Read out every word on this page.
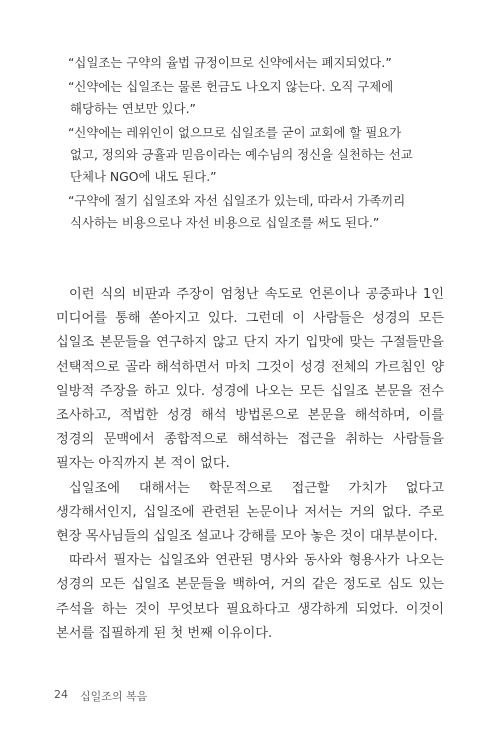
“십일조는 구약의 율법 규정이므로 신약에서는 폐지되었다.”

“신약에는 십일조는 물론 헌금도 나오지 않는다. 오직 구제에 해당하는 연보만 있다.”

“신약에는 레위인이 없으므로 십일조를 굳이 교회에 할 필요가 없고, 정의와 긍휼과 믿음이라는 예수님의 정신을 실천하는 선교 단체나 NGO에 내도 된다.”

“구약에 절기 십일조와 자선 십일조가 있는데, 따라서 가족끼리 식사하는 비용으로나 자선 비용으로 십일조를 써도 된다.”

이런 식의 비판과 주장이 엄청난 속도로 언론이나 공중파나 1인 미디어를 통해 쏟아지고 있다. 그런데 이 사람들은 성경의 모든 십일조 본문들을 연구하지 않고 단지 자기 입맛에 맞는 구절들만을 선택적으로 골라 해석하면서 마치 그것이 성경 전체의 가르침인 양 일방적 주장을 하고 있다. 성경에 나오는 모든 십일조 본문을 전수 조사하고, 적법한 성경 해석 방법론으로 본문을 해석하며, 이를 정경의 문맥에서 종합적으로 해석하는 접근을 취하는 사람들을 필자는 아직까지 본 적이 없다.

십일조에 대해서는 학문적으로 접근할 가치가 없다고 생각해서인지, 십일조에 관련된 논문이나 저서는 거의 없다. 주로 현장 목사님들의 십일조 설교나 강해를 모아 놓은 것이 대부분이다.

따라서 필자는 십일조와 연관된 명사와 동사와 형용사가 나오는 성경의 모든 십일조 본문들을 백하여, 거의 같은 정도로 심도 있는 주석을 하는 것이 무엇보다 필요하다고 생각하게 되었다. 이것이 본서를 집필하게 된 첫 번째 이유이다.

24 십일조의 복음
